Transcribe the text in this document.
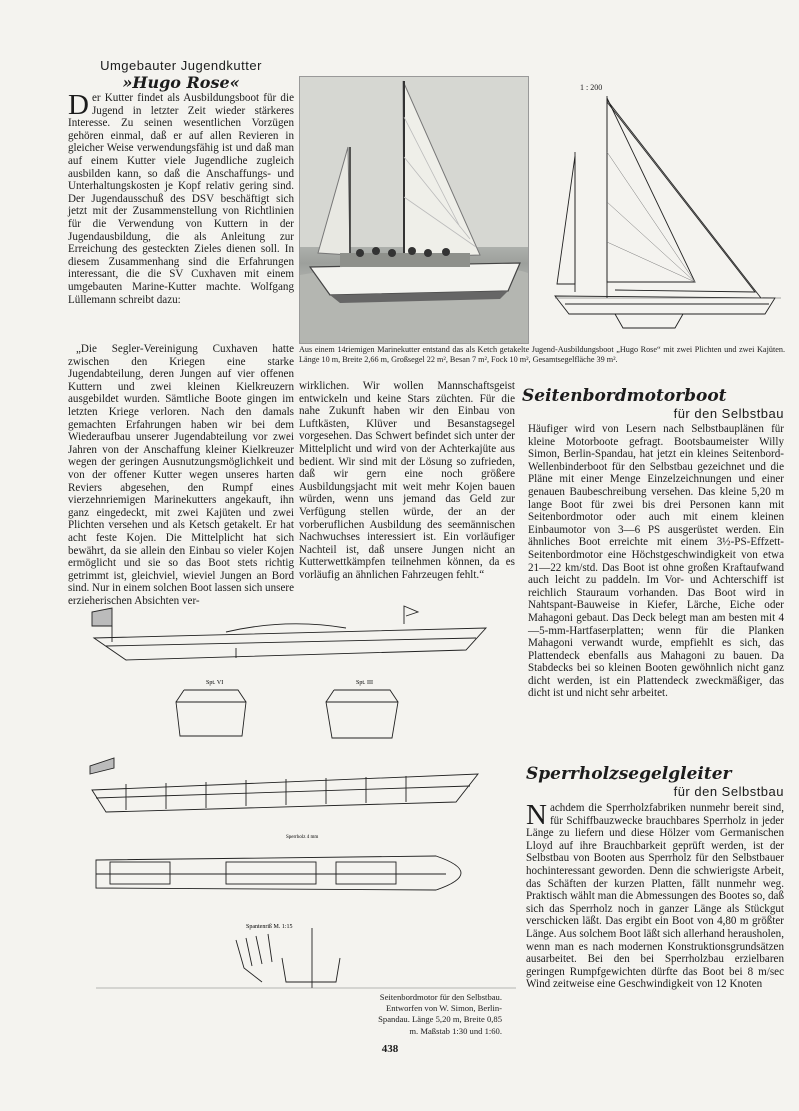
Umgebauter Jugendkutter
»Hugo Rose«
D er Kutter findet als Ausbildungsboot für die Jugend in letzter Zeit wieder stärkeres Interesse. Zu seinen wesentlichen Vorzügen gehören einmal, daß er auf allen Revieren in gleicher Weise verwendungsfähig ist und daß man auf einem Kutter viele Jugendliche zugleich ausbilden kann, so daß die Anschaffungs- und Unterhaltungskosten je Kopf relativ gering sind. Der Jugendausschuß des DSV beschäftigt sich jetzt mit der Zusammenstellung von Richtlinien für die Verwendung von Kuttern in der Jugendausbildung, die als Anleitung zur Erreichung des gesteckten Zieles dienen soll. In diesem Zusammenhang sind die Erfahrungen interessant, die die SV Cuxhaven mit einem umgebauten Marine-Kutter machte. Wolfgang Lüllemann schreibt dazu:
„Die Segler-Vereinigung Cuxhaven hatte zwischen den Kriegen eine starke Jugendabteilung, deren Jungen auf vier offenen Kuttern und zwei kleinen Kielkreuzern ausgebildet wurden. Sämtliche Boote gingen im letzten Kriege verloren. Nach den damals gemachten Erfahrungen haben wir bei dem Wiederaufbau unserer Jugendabteilung vor zwei Jahren von der Anschaffung kleiner Kielkreuzer wegen der geringen Ausnutzungsmöglichkeit und von der offener Kutter wegen unseres harten Reviers abgesehen, den Rumpf eines vierzehnriemigen Marinekutters angekauft, ihn ganz eingedeckt, mit zwei Kajüten und zwei Plichten versehen und als Ketsch getakelt. Er hat acht feste Kojen. Die Mittelplicht hat sich bewährt, da sie allein den Einbau so vieler Kojen ermöglicht und sie so das Boot stets richtig getrimmt ist, gleichviel, wieviel Jungen an Bord sind. Nur in einem solchen Boot lassen sich unsere erzieherischen Absichten ver-
wirklichen. Wir wollen Mannschaftsgeist entwickeln und keine Stars züchten. Für die nahe Zukunft haben wir den Einbau von Luftkästen, Klüver und Besanstagsegel vorgesehen. Das Schwert befindet sich unter der Mittelplicht und wird von der Achterkajüte aus bedient. Wir sind mit der Lösung so zufrieden, daß wir gern eine noch größere Ausbildungsjacht mit weit mehr Kojen bauen würden, wenn uns jemand das Geld zur Verfügung stellen würde, der an der vorberuflichen Ausbildung des seemännischen Nachwuchses interessiert ist. Ein vorläufiger Nachteil ist, daß unsere Jungen nicht an Kutterwettkämpfen teilnehmen können, da es vorläufig an ähnlichen Fahrzeugen fehlt.“
1 : 200
Aus einem 14riemigen Marinekutter entstand das als Ketch getakelte Jugend-Ausbildungsboot „Hugo Rose“ mit zwei Plichten und zwei Kajüten. Länge 10 m, Breite 2,66 m, Großsegel 22 m², Besan 7 m², Fock 10 m², Gesamtsegelfläche 39 m².
Seitenbordmotorboot
für den Selbstbau
Häufiger wird von Lesern nach Selbstbauplänen für kleine Motorboote gefragt. Bootsbaumeister Willy Simon, Berlin-Spandau, hat jetzt ein kleines Seitenbord-Wellenbinderboot für den Selbstbau gezeichnet und die Pläne mit einer Menge Einzelzeichnungen und einer genauen Baubeschreibung versehen. Das kleine 5,20 m lange Boot für zwei bis drei Personen kann mit Seitenbordmotor oder auch mit einem kleinen Einbaumotor von 3—6 PS ausgerüstet werden. Ein ähnliches Boot erreichte mit einem 3½-PS-Effzett-Seitenbordmotor eine Höchstgeschwindigkeit von etwa 21—22 km/std. Das Boot ist ohne großen Kraftaufwand auch leicht zu paddeln. Im Vor- und Achterschiff ist reichlich Stauraum vorhanden. Das Boot wird in Nahtspant-Bauweise in Kiefer, Lärche, Eiche oder Mahagoni gebaut. Das Deck belegt man am besten mit 4—5-mm-Hartfaserplatten; wenn für die Planken Mahagoni verwandt wurde, empfiehlt es sich, das Plattendeck ebenfalls aus Mahagoni zu bauen. Da Stabdecks bei so kleinen Booten gewöhnlich nicht ganz dicht werden, ist ein Plattendeck zweckmäßiger, das dicht ist und nicht sehr arbeitet.
Spt. VI	Spt. III
Spantenriß M. 1:15
Sperrholz 4 mm
Seitenbordmotor für den Selbstbau. Entworfen von W. Simon, Berlin-Spandau. Länge 5,20 m, Breite 0,85 m. Maßstab 1:30 und 1:60.
Sperrholzsegelgleiter
für den Selbstbau
N achdem die Sperrholzfabriken nunmehr bereit sind, für Schiffbauzwecke brauchbares Sperrholz in jeder Länge zu liefern und diese Hölzer vom Germanischen Lloyd auf ihre Brauchbarkeit geprüft werden, ist der Selbstbau von Booten aus Sperrholz für den Selbstbauer hochinteressant geworden. Denn die schwierigste Arbeit, das Schäften der kurzen Platten, fällt nunmehr weg. Praktisch wählt man die Abmessungen des Bootes so, daß sich das Sperrholz noch in ganzer Länge als Stückgut verschicken läßt. Das ergibt ein Boot von 4,80 m größter Länge. Aus solchem Boot läßt sich allerhand herausholen, wenn man es nach modernen Konstruktionsgrundsätzen ausarbeitet. Bei den bei Sperrholzbau erzielbaren geringen Rumpfgewichten dürfte das Boot bei 8 m/sec Wind zeitweise eine Geschwindigkeit von 12 Knoten
438
